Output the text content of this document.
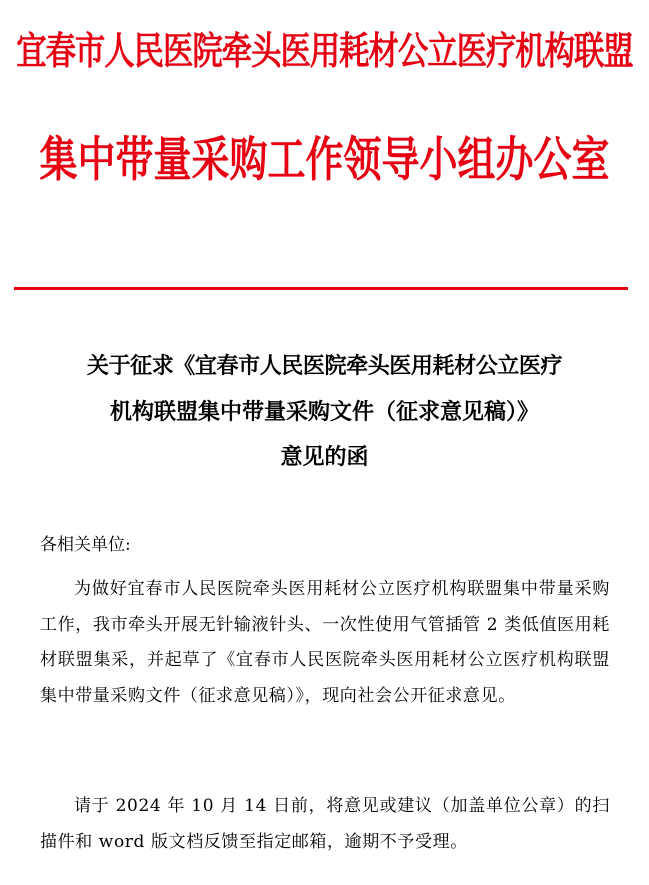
宜春市人民医院牵头医用耗材公立医疗机构联盟
集中带量采购工作领导小组办公室
关于征求《宜春市人民医院牵头医用耗材公立医疗
机构联盟集中带量采购文件（征求意见稿）》
意见的函
各相关单位:

为做好宜春市人民医院牵头医用耗材公立医疗机构联盟集中带量采购工作，我市牵头开展无针输液针头、一次性使用气管插管 2 类低值医用耗材联盟集采，并起草了《宜春市人民医院牵头医用耗材公立医疗机构联盟集中带量采购文件（征求意见稿）》，现向社会公开征求意见。

请于 2024 年 10 月 14 日前，将意见或建议（加盖单位公章）的扫描件和 word 版文档反馈至指定邮箱，逾期不予受理。
